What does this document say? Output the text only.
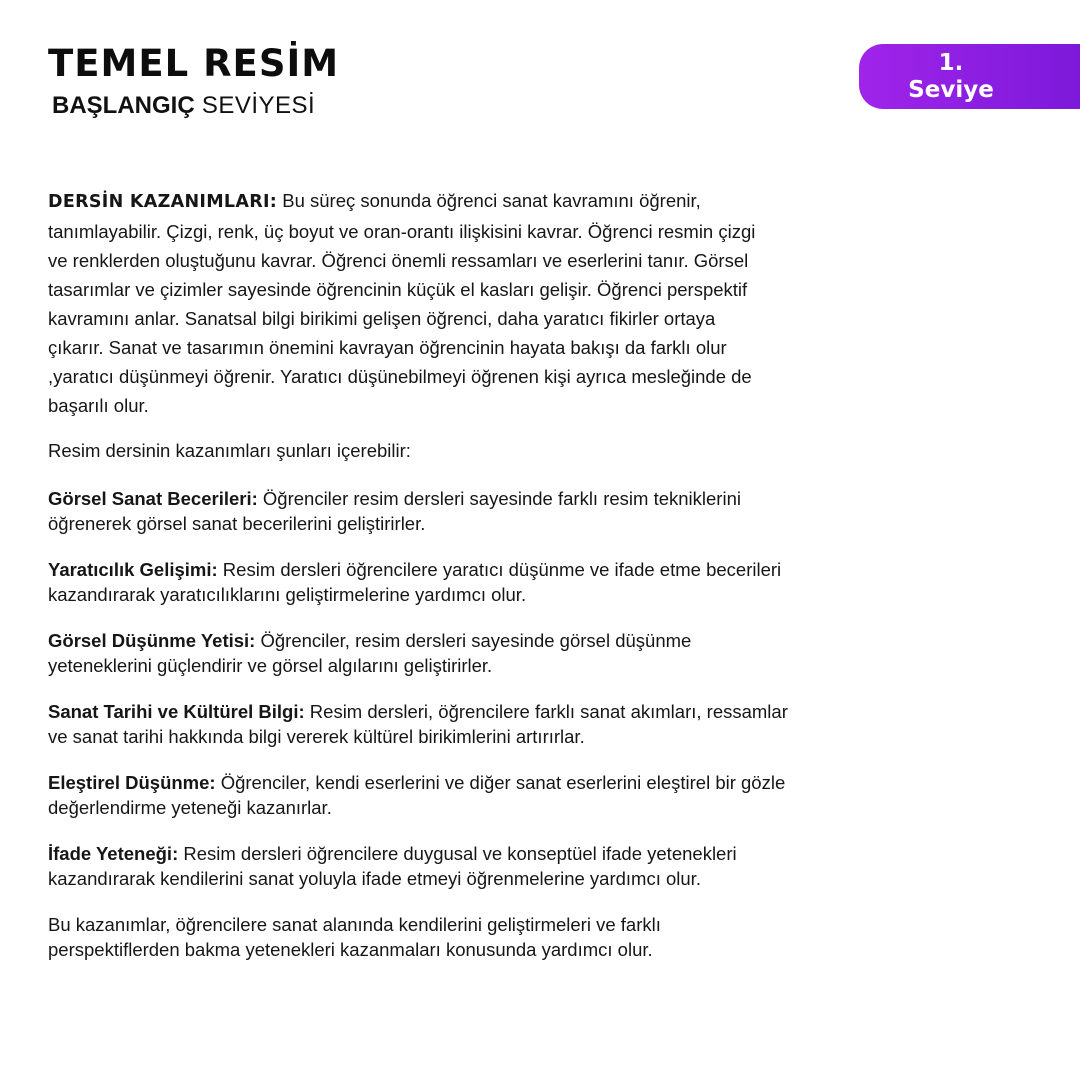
TEMEL RESİM
BAŞLANGIÇ SEVİYESİ
1.
Seviye

DERSİN KAZANIMLARI: Bu süreç sonunda öğrenci sanat kavramını öğrenir, tanımlayabilir. Çizgi, renk, üç boyut ve oran-orantı ilişkisini kavrar. Öğrenci resmin çizgi ve renklerden oluştuğunu kavrar. Öğrenci önemli ressamları ve eserlerini tanır. Görsel tasarımlar ve çizimler sayesinde öğrencinin küçük el kasları gelişir. Öğrenci perspektif kavramını anlar. Sanatsal bilgi birikimi gelişen öğrenci, daha yaratıcı fikirler ortaya çıkarır. Sanat ve tasarımın önemini kavrayan öğrencinin hayata bakışı da farklı olur ,yaratıcı düşünmeyi öğrenir. Yaratıcı düşünebilmeyi öğrenen kişi ayrıca mesleğinde de başarılı olur.

Resim dersinin kazanımları şunları içerebilir:

Görsel Sanat Becerileri: Öğrenciler resim dersleri sayesinde farklı resim tekniklerini öğrenerek görsel sanat becerilerini geliştirirler.

Yaratıcılık Gelişimi: Resim dersleri öğrencilere yaratıcı düşünme ve ifade etme becerileri kazandırarak yaratıcılıklarını geliştirmelerine yardımcı olur.

Görsel Düşünme Yetisi: Öğrenciler, resim dersleri sayesinde görsel düşünme yeteneklerini güçlendirir ve görsel algılarını geliştirirler.

Sanat Tarihi ve Kültürel Bilgi: Resim dersleri, öğrencilere farklı sanat akımları, ressamlar ve sanat tarihi hakkında bilgi vererek kültürel birikimlerini artırırlar.

Eleştirel Düşünme: Öğrenciler, kendi eserlerini ve diğer sanat eserlerini eleştirel bir gözle değerlendirme yeteneği kazanırlar.

İfade Yeteneği: Resim dersleri öğrencilere duygusal ve konseptüel ifade yetenekleri kazandırarak kendilerini sanat yoluyla ifade etmeyi öğrenmelerine yardımcı olur.

Bu kazanımlar, öğrencilere sanat alanında kendilerini geliştirmeleri ve farklı perspektiflerden bakma yetenekleri kazanmaları konusunda yardımcı olur.
